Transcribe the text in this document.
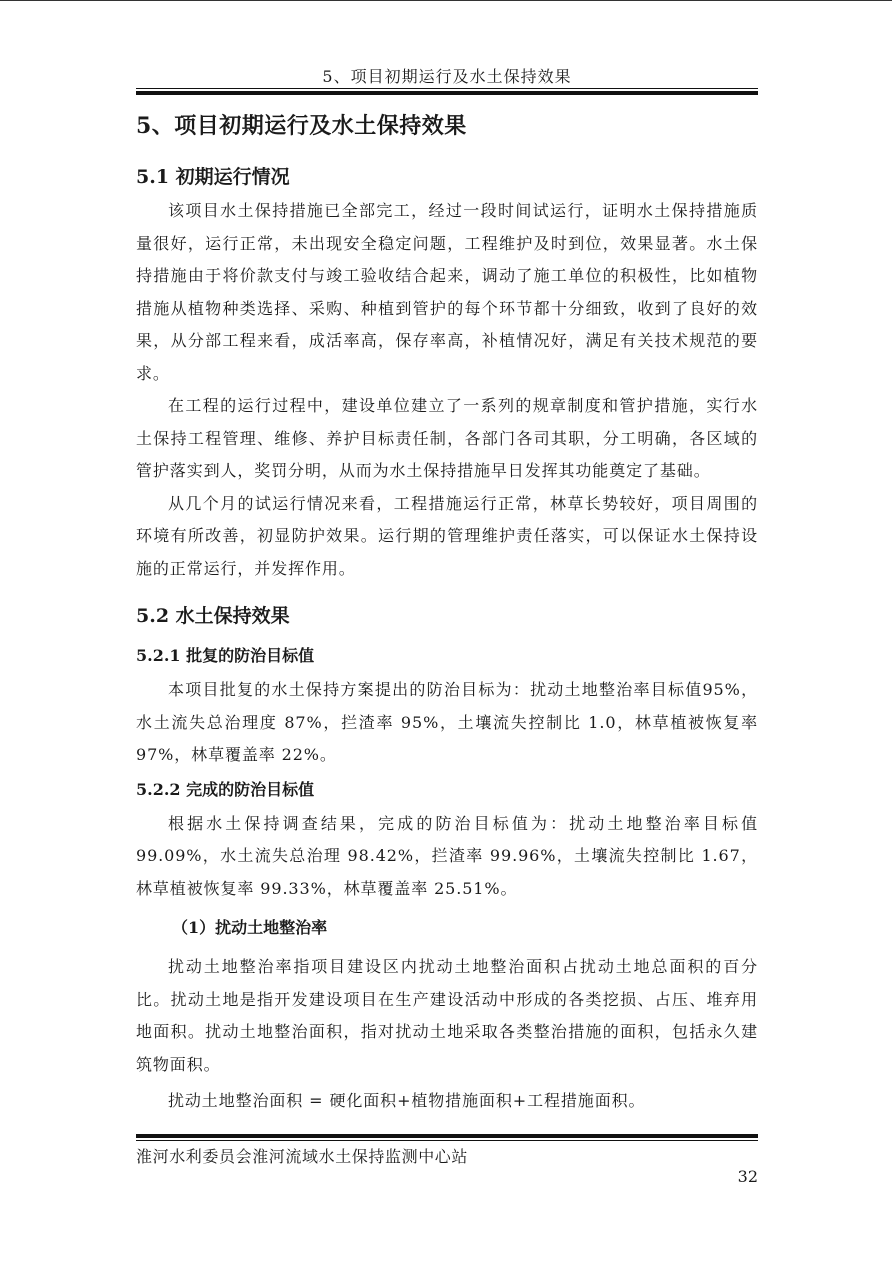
5、项目初期运行及水土保持效果
5、项目初期运行及水土保持效果
5.1 初期运行情况

该项目水土保持措施已全部完工，经过一段时间试运行，证明水土保持措施质量很好，运行正常，未出现安全稳定问题，工程维护及时到位，效果显著。水土保持措施由于将价款支付与竣工验收结合起来，调动了施工单位的积极性，比如植物措施从植物种类选择、采购、种植到管护的每个环节都十分细致，收到了良好的效果，从分部工程来看，成活率高，保存率高，补植情况好，满足有关技术规范的要求。

在工程的运行过程中，建设单位建立了一系列的规章制度和管护措施，实行水土保持工程管理、维修、养护目标责任制，各部门各司其职，分工明确，各区域的管护落实到人，奖罚分明，从而为水土保持措施早日发挥其功能奠定了基础。

从几个月的试运行情况来看，工程措施运行正常，林草长势较好，项目周围的环境有所改善，初显防护效果。运行期的管理维护责任落实，可以保证水土保持设施的正常运行，并发挥作用。

5.2 水土保持效果
5.2.1 批复的防治目标值

本项目批复的水土保持方案提出的防治目标为：扰动土地整治率目标值95%，水土流失总治理度 87%，拦渣率 95%，土壤流失控制比 1.0，林草植被恢复率 97%，林草覆盖率 22%。

5.2.2 完成的防治目标值

根据水土保持调查结果，完成的防治目标值为：扰动土地整治率目标值99.09%，水土流失总治理 98.42%，拦渣率 99.96%，土壤流失控制比 1.67，林草植被恢复率 99.33%，林草覆盖率 25.51%。

（1）扰动土地整治率

扰动土地整治率指项目建设区内扰动土地整治面积占扰动土地总面积的百分比。扰动土地是指开发建设项目在生产建设活动中形成的各类挖损、占压、堆弃用地面积。扰动土地整治面积，指对扰动土地采取各类整治措施的面积，包括永久建筑物面积。

扰动土地整治面积 = 硬化面积+植物措施面积+工程措施面积。

淮河水利委员会淮河流域水土保持监测中心站
32
